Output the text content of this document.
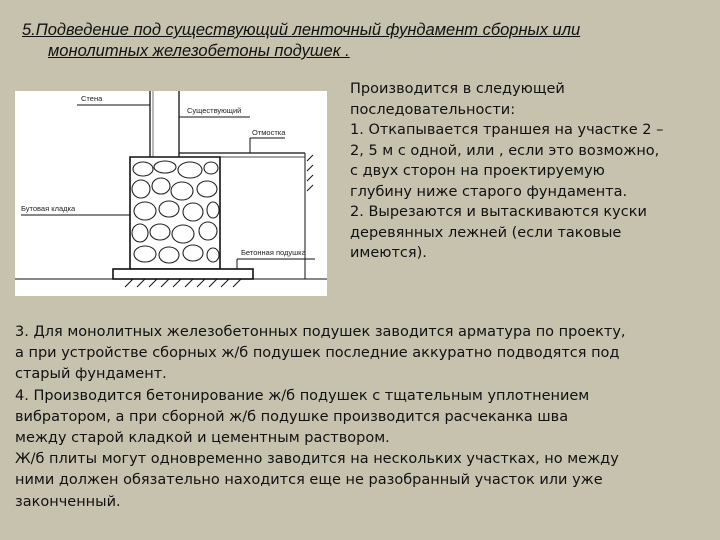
5.Подведение под существующий ленточный фундамент сборных или
монолитных железобетоны подушек .
Стена
Существующий
Отмостка
Бутовая кладка
Бетонная подушка
Производится в следующей
последовательности:
1. Откапывается траншея на участке 2 –
2, 5 м с одной, или , если это возможно,
с двух сторон на проектируемую
глубину ниже старого фундамента.
2. Вырезаются и вытаскиваются куски
деревянных лежней (если таковые
имеются).
3. Для монолитных железобетонных подушек заводится арматура по проекту,
а при устройстве сборных ж/б подушек последние аккуратно подводятся под
старый фундамент.
4. Производится бетонирование ж/б подушек с тщательным уплотнением
вибратором, а при сборной ж/б подушке производится расчеканка шва
между старой кладкой и цементным раствором.
Ж/б плиты могут одновременно заводится на нескольких участках, но между
ними должен обязательно находится еще не разобранный участок или уже
законченный.
